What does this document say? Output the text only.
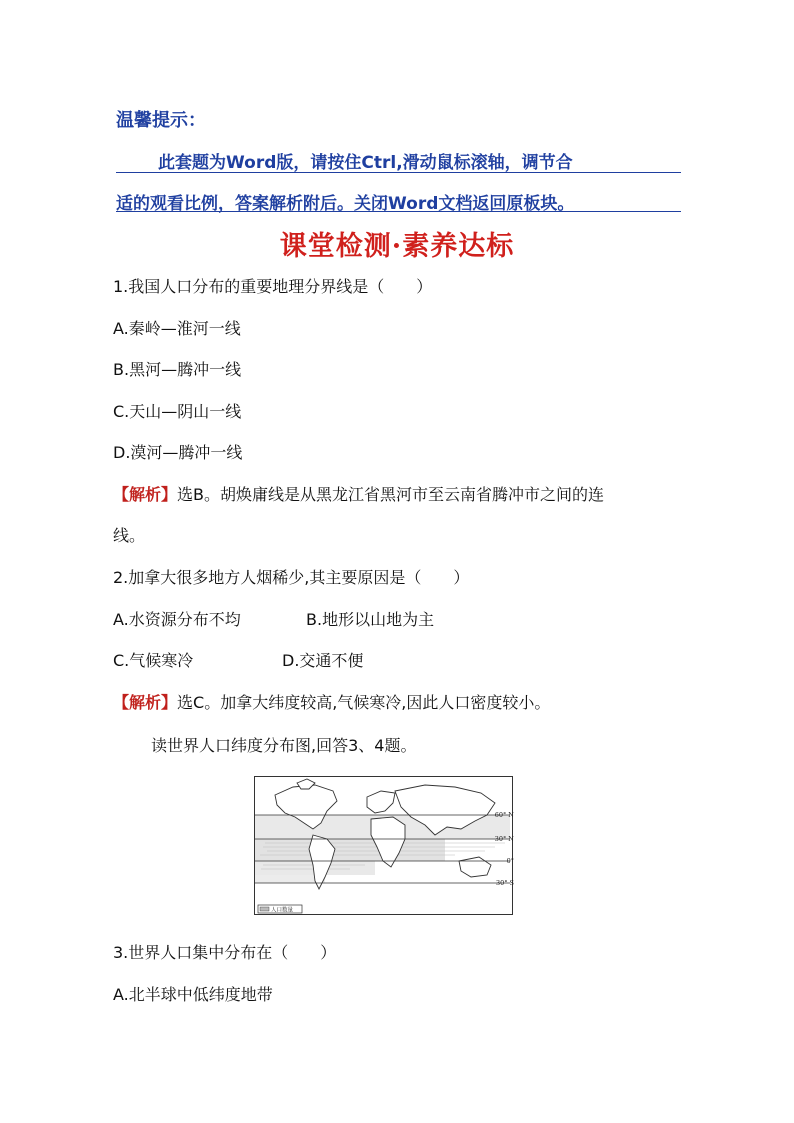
温馨提示：
此套题为Word版，请按住Ctrl,滑动鼠标滚轴，调节合
适的观看比例，答案解析附后。关闭Word文档返回原板块。
课堂检测·素养达标
1.我国人口分布的重要地理分界线是（　　）
A.秦岭—淮河一线
B.黑河—腾冲一线
C.天山—阴山一线
D.漠河—腾冲一线
【解析】选B。胡焕庸线是从黑龙江省黑河市至云南省腾冲市之间的连
线。
2.加拿大很多地方人烟稀少,其主要原因是（　　）
A.水资源分布不均	B.地形以山地为主
C.气候寒冷	D.交通不便
【解析】选C。加拿大纬度较高,气候寒冷,因此人口密度较小。
读世界人口纬度分布图,回答3、4题。
60° N
30° N
0°
30° S
人口数量
3.世界人口集中分布在（　　）
A.北半球中低纬度地带
